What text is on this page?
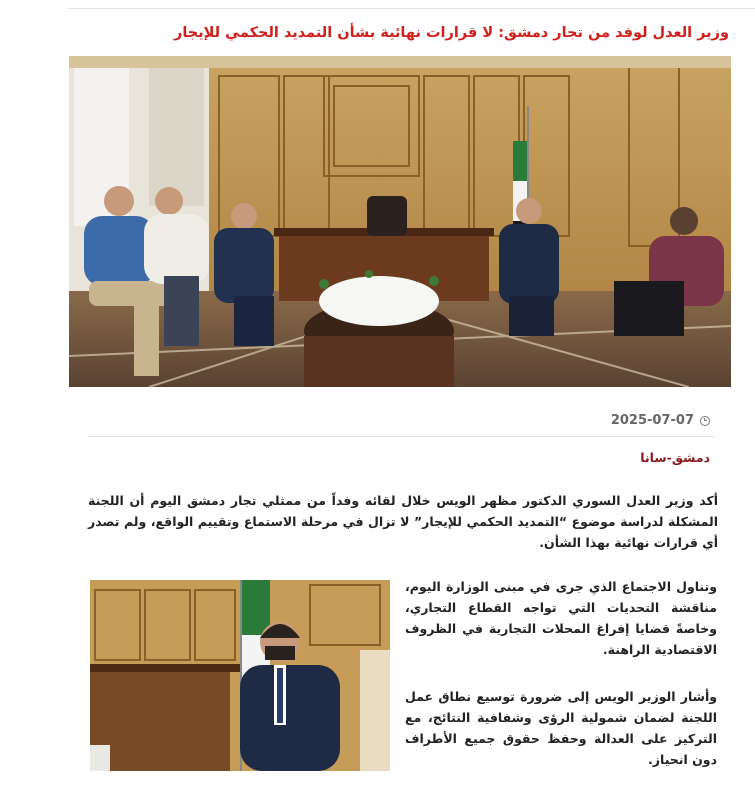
وزير العدل لوفد من تجار دمشق: لا قرارات نهائية بشأن التمديد الحكمي للإيجار
2025-07-07
دمشق-سانا

أكد وزير العدل السوري الدكتور مظهر الويس خلال لقائه وفداً من ممثلي تجار دمشق اليوم أن اللجنة المشكلة لدراسة موضوع “التمديد الحكمي للإيجار” لا تزال في مرحلة الاستماع وتقييم الواقع، ولم تصدر أي قرارات نهائية بهذا الشأن.

وتناول الاجتماع الذي جرى في مبنى الوزارة اليوم، مناقشة التحديات التي تواجه القطاع التجاري، وخاصةً قضايا إفراغ المحلات التجارية في الظروف الاقتصادية الراهنة.

وأشار الوزير الويس إلى ضرورة توسيع نطاق عمل اللجنة لضمان شمولية الرؤى وشفافية النتائج، مع التركيز على العدالة وحفظ حقوق جميع الأطراف دون انحياز.
